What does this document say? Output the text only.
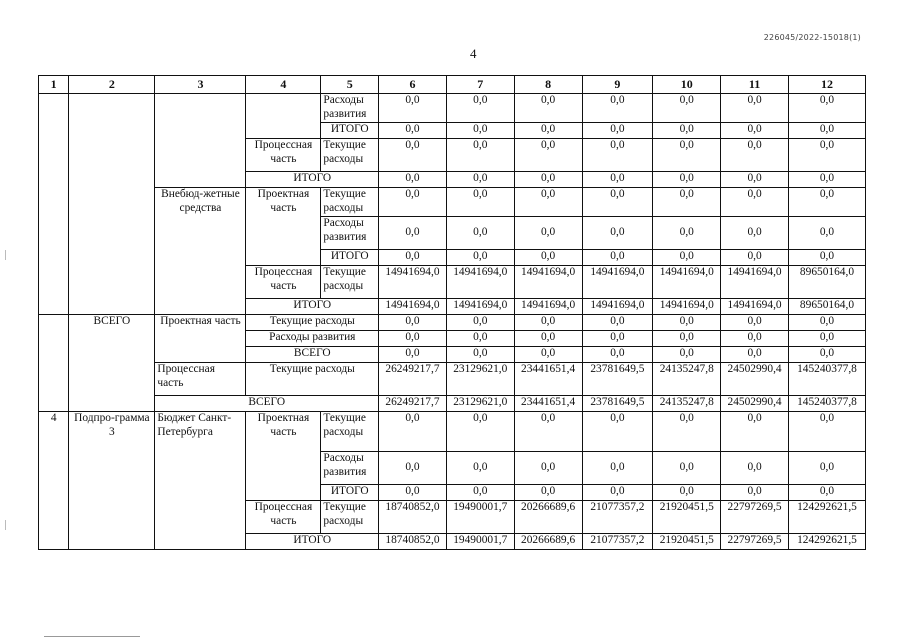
226045/2022-15018(1)
4
1	2	3	4	5	6	7	8	9	10	11	12
				Расходы развития	0,0	0,0	0,0	0,0	0,0	0,0	0,0
				ИТОГО	0,0	0,0	0,0	0,0	0,0	0,0	0,0
			Процессная часть	Текущие расходы	0,0	0,0	0,0	0,0	0,0	0,0	0,0
			ИТОГО		0,0	0,0	0,0	0,0	0,0	0,0	0,0
		Внебюд-жетные средства	Проектная часть	Текущие расходы	0,0	0,0	0,0	0,0	0,0	0,0	0,0
				Расходы развития	0,0	0,0	0,0	0,0	0,0	0,0	0,0
				ИТОГО	0,0	0,0	0,0	0,0	0,0	0,0	0,0
			Процессная часть	Текущие расходы	14941694,0	14941694,0	14941694,0	14941694,0	14941694,0	14941694,0	89650164,0
			ИТОГО		14941694,0	14941694,0	14941694,0	14941694,0	14941694,0	14941694,0	89650164,0
	ВСЕГО	Проектная часть	Текущие расходы		0,0	0,0	0,0	0,0	0,0	0,0	0,0
			Расходы развития		0,0	0,0	0,0	0,0	0,0	0,0	0,0
			ВСЕГО		0,0	0,0	0,0	0,0	0,0	0,0	0,0
		Процессная часть	Текущие расходы		26249217,7	23129621,0	23441651,4	23781649,5	24135247,8	24502990,4	145240377,8
		ВСЕГО			26249217,7	23129621,0	23441651,4	23781649,5	24135247,8	24502990,4	145240377,8
4	Подпро-грамма 3	Бюджет Санкт-Петербурга	Проектная часть	Текущие расходы	0,0	0,0	0,0	0,0	0,0	0,0	0,0
				Расходы развития	0,0	0,0	0,0	0,0	0,0	0,0	0,0
				ИТОГО	0,0	0,0	0,0	0,0	0,0	0,0	0,0
			Процессная часть	Текущие расходы	18740852,0	19490001,7	20266689,6	21077357,2	21920451,5	22797269,5	124292621,5
			ИТОГО		18740852,0	19490001,7	20266689,6	21077357,2	21920451,5	22797269,5	124292621,5
